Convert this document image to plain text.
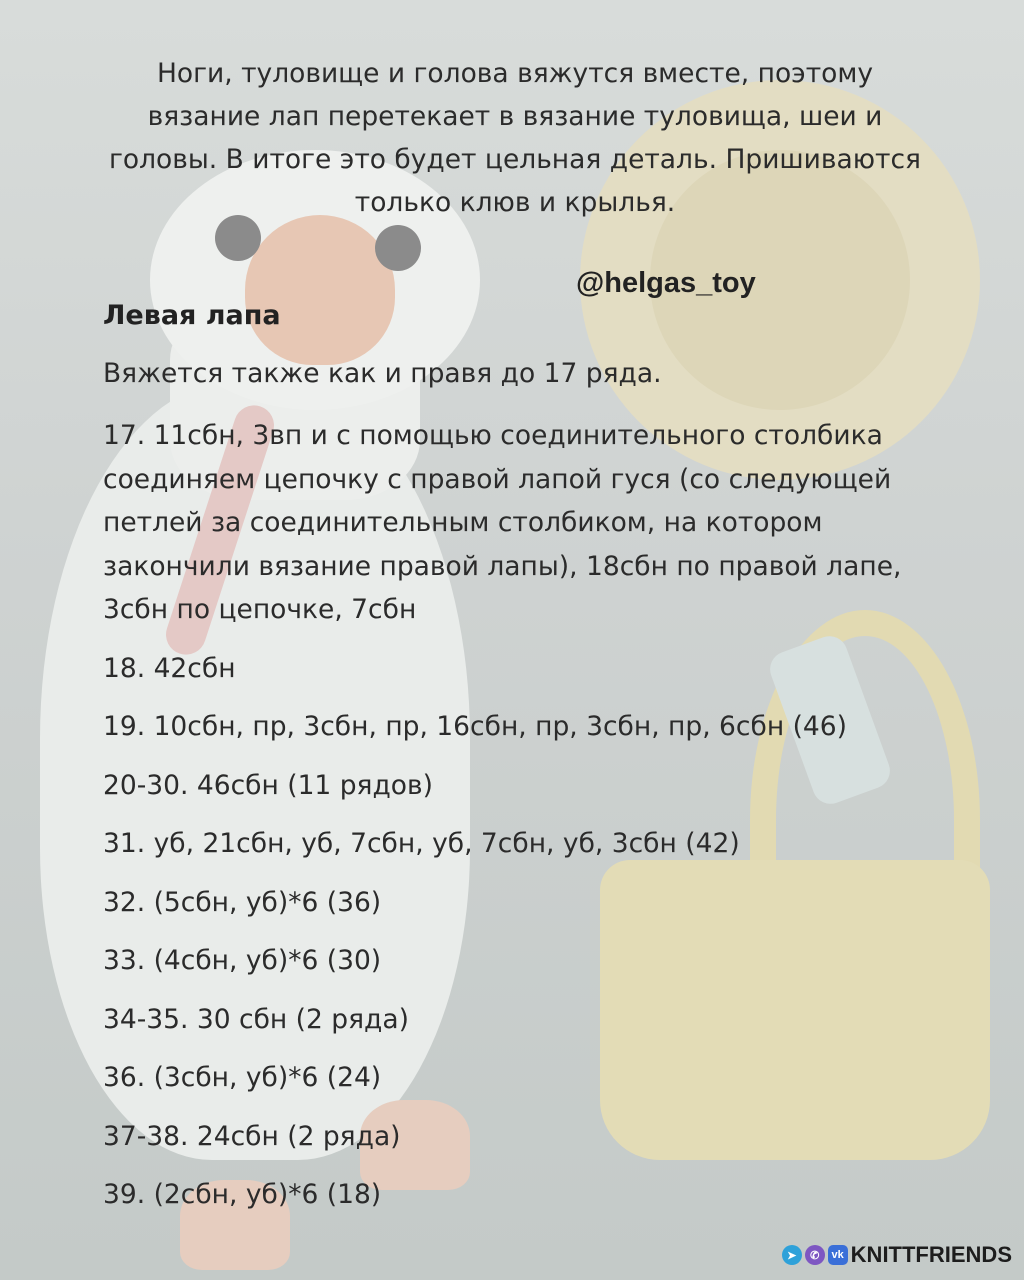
Ноги, туловище и голова вяжутся вместе, поэтому вязание лап перетекает в вязание туловища, шеи и головы. В итоге это будет цельная деталь. Пришиваются только клюв и крылья.

@helgas_toy
Левая лапа

Вяжется также как и правя до 17 ряда.

17. 11сбн, 3вп и с помощью соединительного столбика соединяем цепочку с правой лапой гуся (со следующей петлей за соединительным столбиком, на котором закончили вязание правой лапы), 18сбн по правой лапе, 3сбн по цепочке, 7сбн
18. 42сбн
19. 10сбн, пр, 3сбн, пр, 16сбн, пр, 3сбн, пр, 6сбн (46)
20-30. 46сбн (11 рядов)
31. уб, 21сбн, уб, 7сбн, уб, 7сбн, уб, 3сбн (42)
32. (5сбн, уб)*6 (36)
33. (4сбн, уб)*6 (30)
34-35. 30 сбн (2 ряда)
36. (3сбн, уб)*6 (24)
37-38. 24сбн (2 ряда)
39. (2сбн, уб)*6 (18)
➤	✆	vk KNITTFRIENDS
